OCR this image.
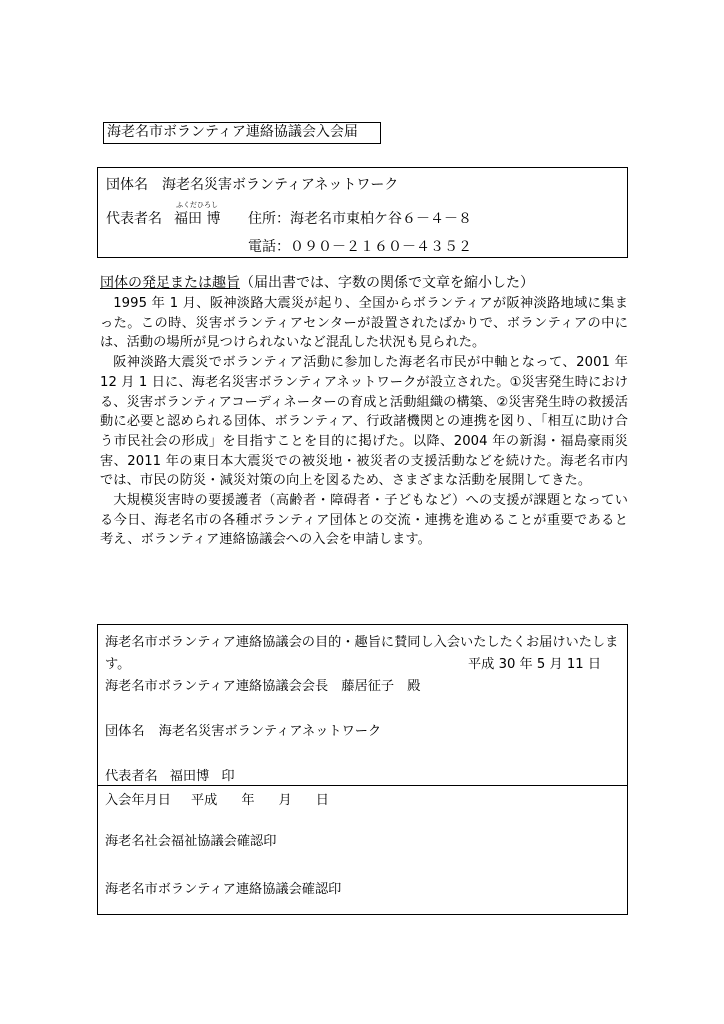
海老名市ボランティア連絡協議会入会届
団体名 海老名災害ボランティアネットワーク
ふくだひろし
代表者名 福田 博 住所：海老名市東柏ケ谷６－４－８
電話：０９０－２１６０－４３５２
団体の発足または趣旨（届出書では、字数の関係で文章を縮小した）

1995 年 1 月、阪神淡路大震災が起り、全国からボランティアが阪神淡路地域に集まった。この時、災害ボランティアセンターが設置されたばかりで、ボランティアの中には、活動の場所が見つけられないなど混乱した状況も見られた。

阪神淡路大震災でボランティア活動に参加した海老名市民が中軸となって、2001 年 12 月 1 日に、海老名災害ボランティアネットワークが設立された。①災害発生時における、災害ボランティアコーディネーターの育成と活動組織の構築、②災害発生時の救援活動に必要と認められる団体、ボランティア、行政諸機関との連携を図り、「相互に助け合う市民社会の形成」を目指すことを目的に掲げた。以降、2004 年の新潟・福島豪雨災害、2011 年の東日本大震災での被災地・被災者の支援活動などを続けた。海老名市内では、市民の防災・減災対策の向上を図るため、さまざまな活動を展開してきた。

大規模災害時の要援護者（高齢者・障碍者・子どもなど）への支援が課題となっている今日、海老名市の各種ボランティア団体との交流・連携を進めることが重要であると考え、ボランティア連絡協議会への入会を申請します。

海老名市ボランティア連絡協議会の目的・趣旨に賛同し入会いたしたくお届けいたしま
す。	平成 30 年 5 月 11 日
海老名市ボランティア連絡協議会会長　藤居征子　殿
団体名 海老名災害ボランティアネットワーク
代表者名 福田博 印
入会年月日 平成 年 月 日
海老名社会福祉協議会確認印
海老名市ボランティア連絡協議会確認印
